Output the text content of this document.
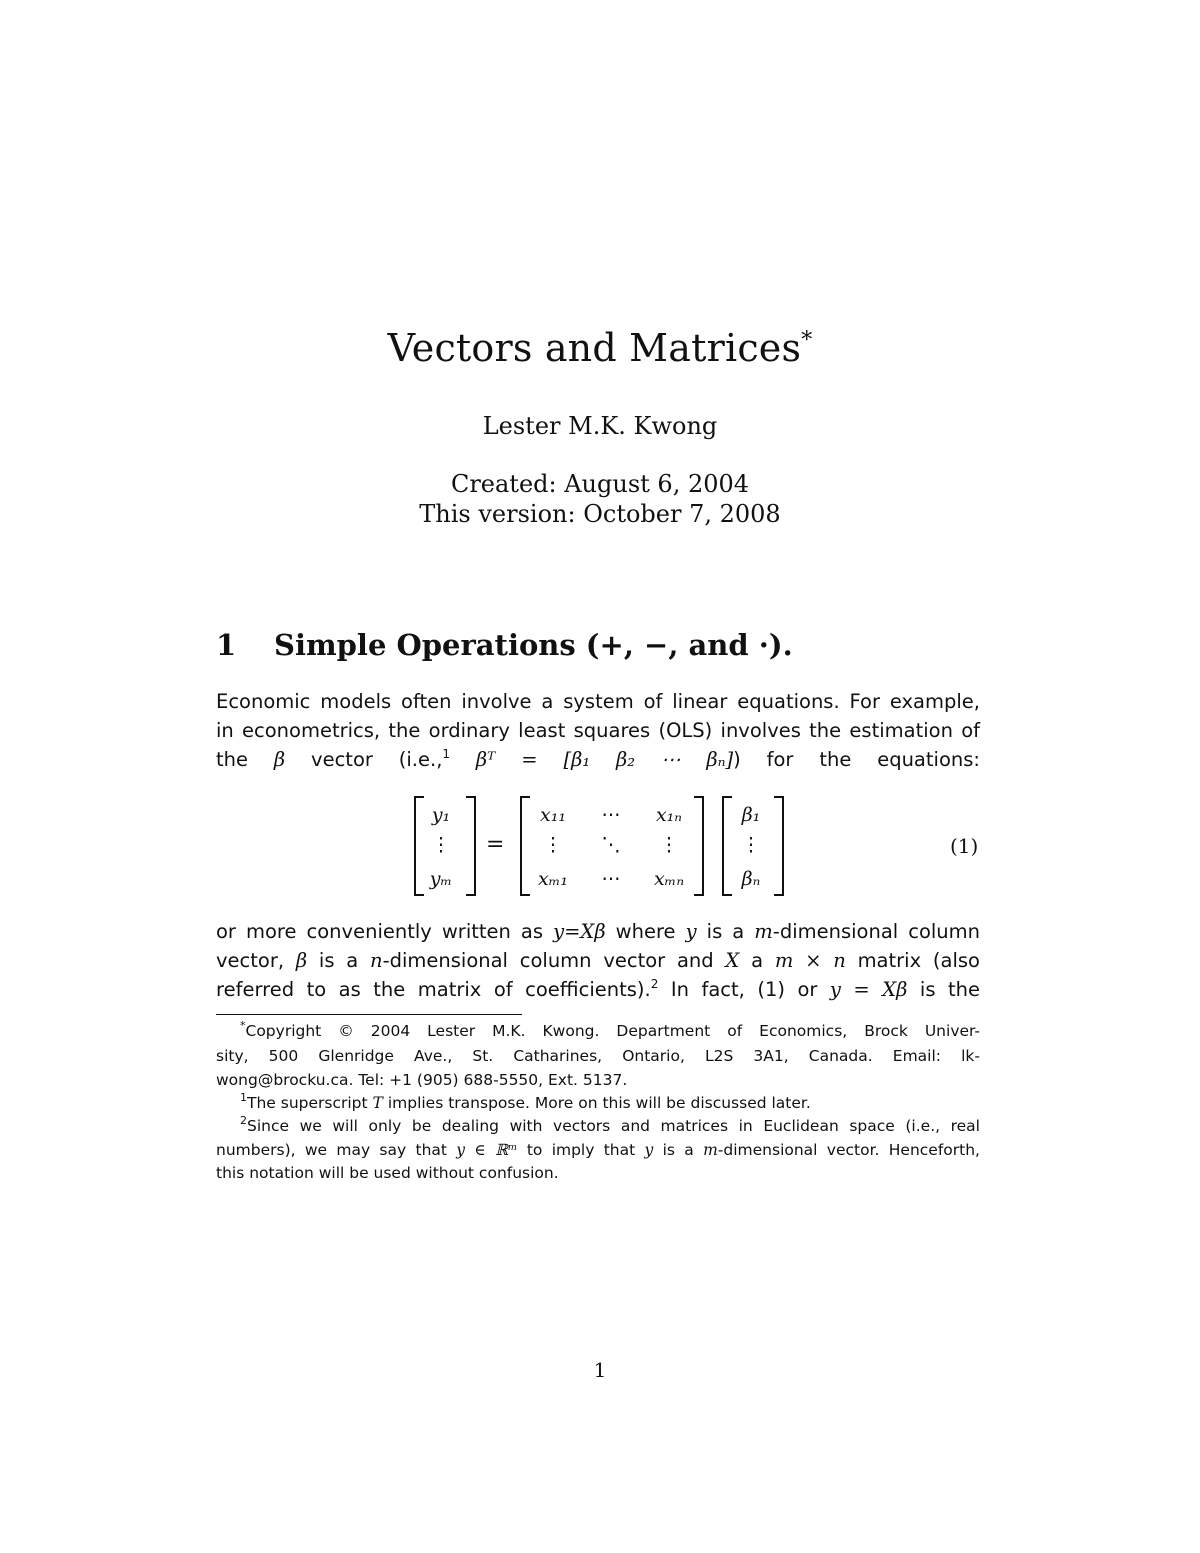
Vectors and Matrices*
Lester M.K. Kwong
Created: August 6, 2004
This version: October 7, 2008
1 Simple Operations (+, −, and ·).
Economic models often involve a system of linear equations. For example,
in econometrics, the ordinary least squares (OLS) involves the estimation of
the β vector (i.e.,$^1$ βᵀ = [β₁ β₂ ⋯ βₙ]) for the equations:
y₁
⋮
yₘ
=
x₁₁	⋯	x₁ₙ
⋮	⋱	⋮
xₘ₁	⋯	xₘₙ
β₁
⋮
βₙ
(1)
or more conveniently written as y=Xβ where y is a m-dimensional column
vector, β is a n-dimensional column vector and X a m × n matrix (also
referred to as the matrix of coefficients).$^2$ In fact, (1) or y = Xβ is the
*Copyright © 2004 Lester M.K. Kwong. Department of Economics, Brock Univer-
sity, 500 Glenridge Ave., St. Catharines, Ontario, L2S 3A1, Canada. Email: lk-
wong@brocku.ca. Tel: +1 (905) 688-5550, Ext. 5137.
$^1$The superscript T implies transpose. More on this will be discussed later.
$^2$Since we will only be dealing with vectors and matrices in Euclidean space (i.e., real
numbers), we may say that y ∈ ℝᵐ to imply that y is a m-dimensional vector. Henceforth,
this notation will be used without confusion.
1
